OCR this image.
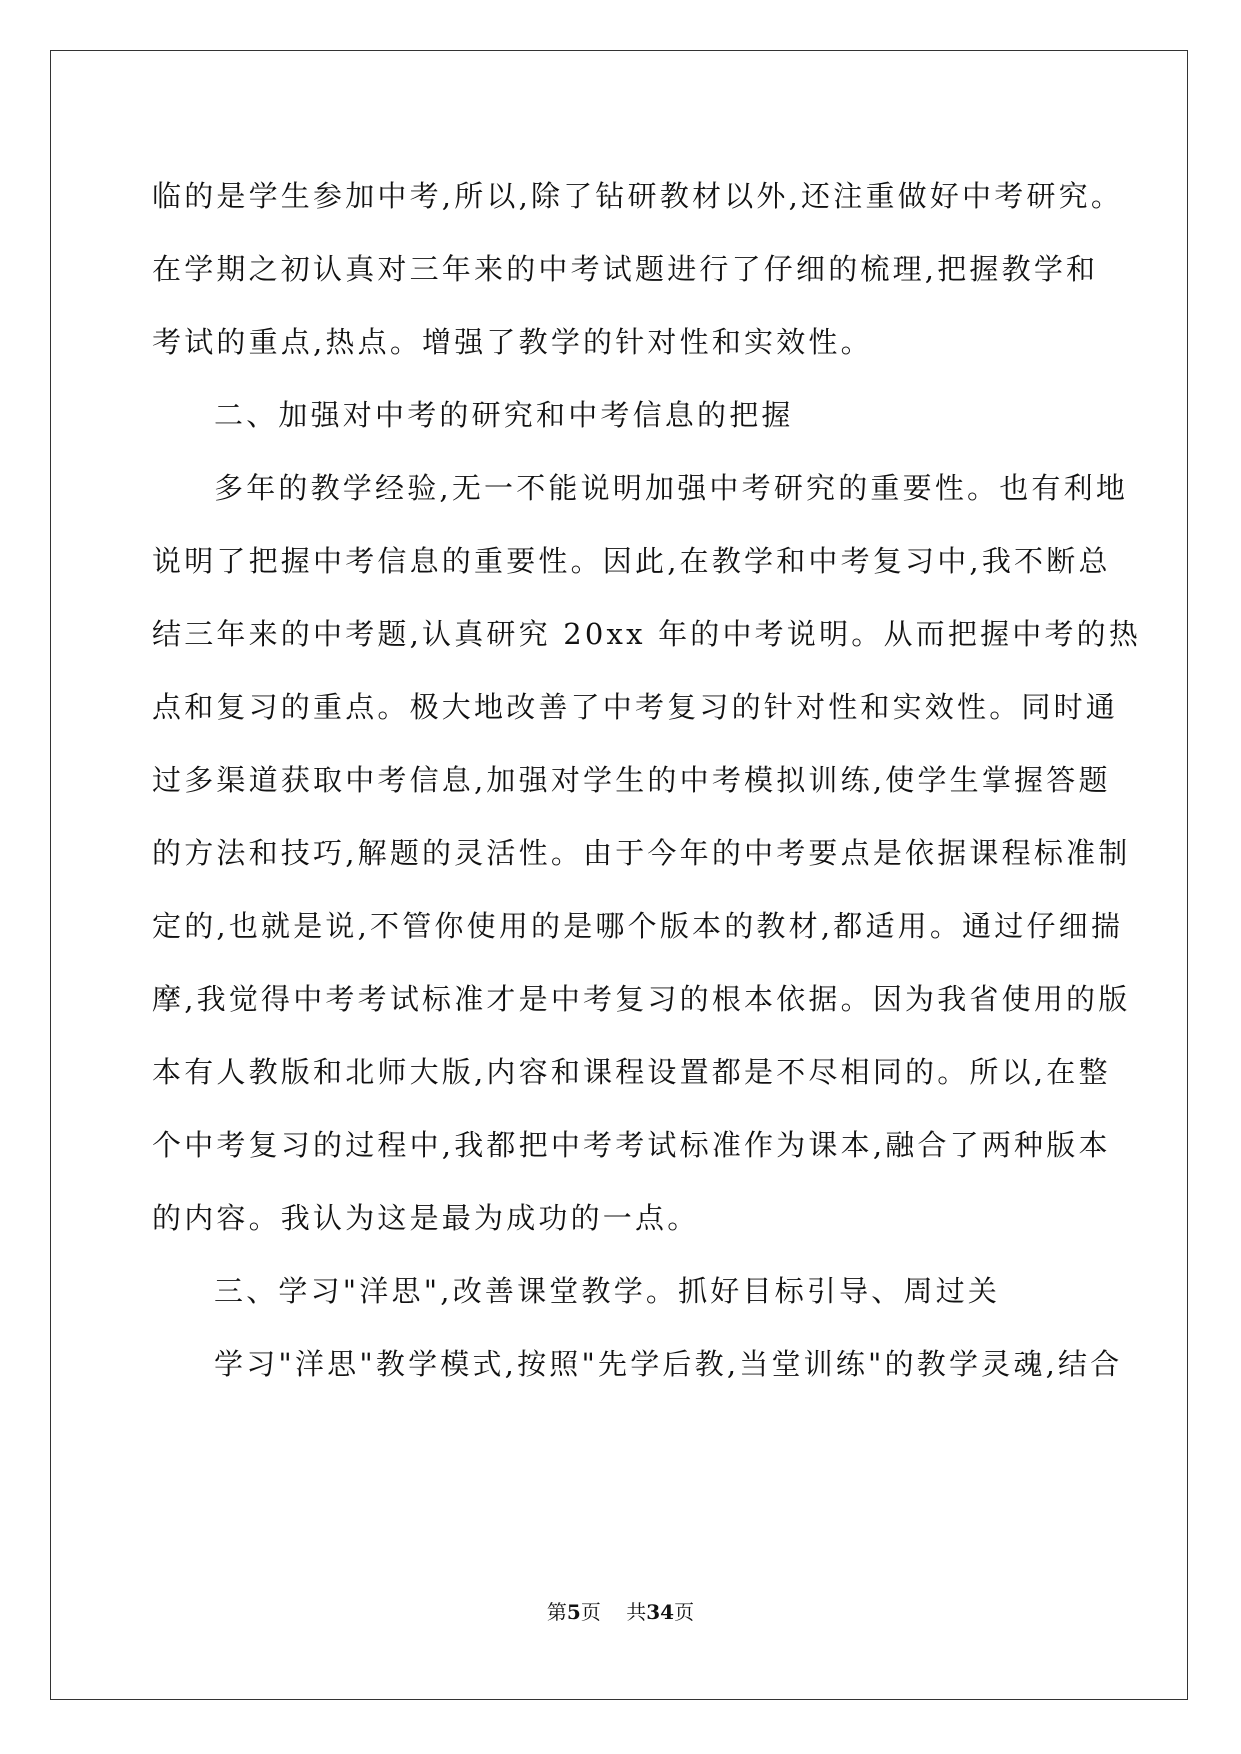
临的是学生参加中考,所以,除了钻研教材以外,还注重做好中考研究。
在学期之初认真对三年来的中考试题进行了仔细的梳理,把握教学和
考试的重点,热点。增强了教学的针对性和实效性。
二、加强对中考的研究和中考信息的把握
多年的教学经验,无一不能说明加强中考研究的重要性。也有利地
说明了把握中考信息的重要性。因此,在教学和中考复习中,我不断总
结三年来的中考题,认真研究 20xx 年的中考说明。从而把握中考的热
点和复习的重点。极大地改善了中考复习的针对性和实效性。同时通
过多渠道获取中考信息,加强对学生的中考模拟训练,使学生掌握答题
的方法和技巧,解题的灵活性。由于今年的中考要点是依据课程标准制
定的,也就是说,不管你使用的是哪个版本的教材,都适用。通过仔细揣
摩,我觉得中考考试标准才是中考复习的根本依据。因为我省使用的版
本有人教版和北师大版,内容和课程设置都是不尽相同的。所以,在整
个中考复习的过程中,我都把中考考试标准作为课本,融合了两种版本
的内容。我认为这是最为成功的一点。
三、学习"洋思",改善课堂教学。抓好目标引导、周过关
学习"洋思"教学模式,按照"先学后教,当堂训练"的教学灵魂,结合
第5页 共34页
